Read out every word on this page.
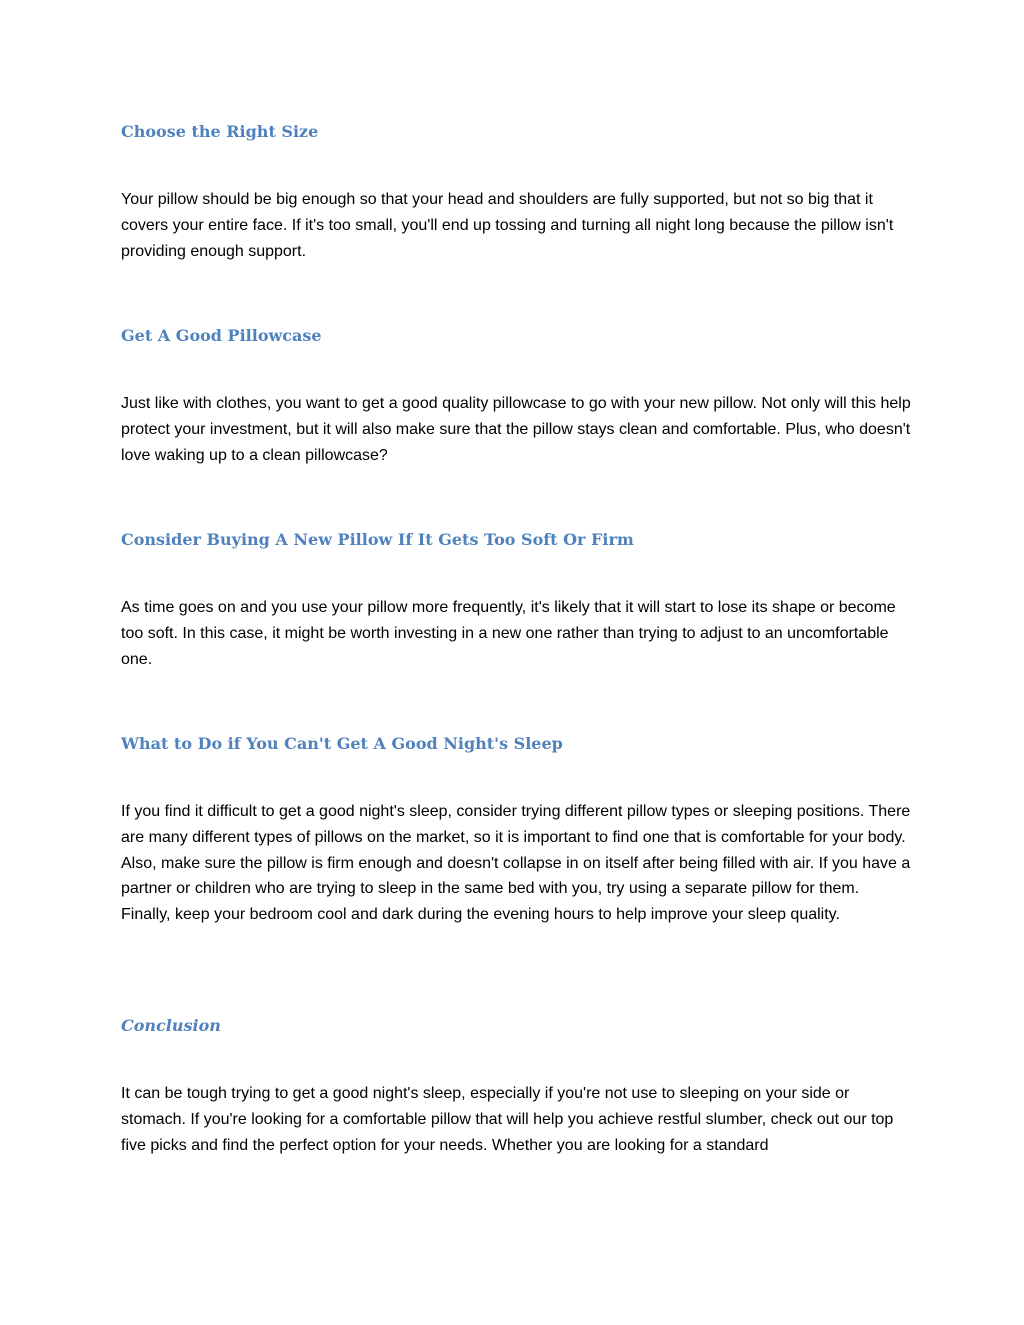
Choose the Right Size

Your pillow should be big enough so that your head and shoulders are fully supported, but not so big that it covers your entire face. If it's too small, you'll end up tossing and turning all night long because the pillow isn't providing enough support.

Get A Good Pillowcase

Just like with clothes, you want to get a good quality pillowcase to go with your new pillow. Not only will this help protect your investment, but it will also make sure that the pillow stays clean and comfortable. Plus, who doesn't love waking up to a clean pillowcase?

Consider Buying A New Pillow If It Gets Too Soft Or Firm

As time goes on and you use your pillow more frequently, it's likely that it will start to lose its shape or become too soft. In this case, it might be worth investing in a new one rather than trying to adjust to an uncomfortable one.

What to Do if You Can't Get A Good Night's Sleep

If you find it difficult to get a good night's sleep, consider trying different pillow types or sleeping positions. There are many different types of pillows on the market, so it is important to find one that is comfortable for your body. Also, make sure the pillow is firm enough and doesn't collapse in on itself after being filled with air. If you have a partner or children who are trying to sleep in the same bed with you, try using a separate pillow for them. Finally, keep your bedroom cool and dark during the evening hours to help improve your sleep quality.

Conclusion

It can be tough trying to get a good night's sleep, especially if you're not use to sleeping on your side or stomach. If you're looking for a comfortable pillow that will help you achieve restful slumber, check out our top five picks and find the perfect option for your needs. Whether you are looking for a standard
